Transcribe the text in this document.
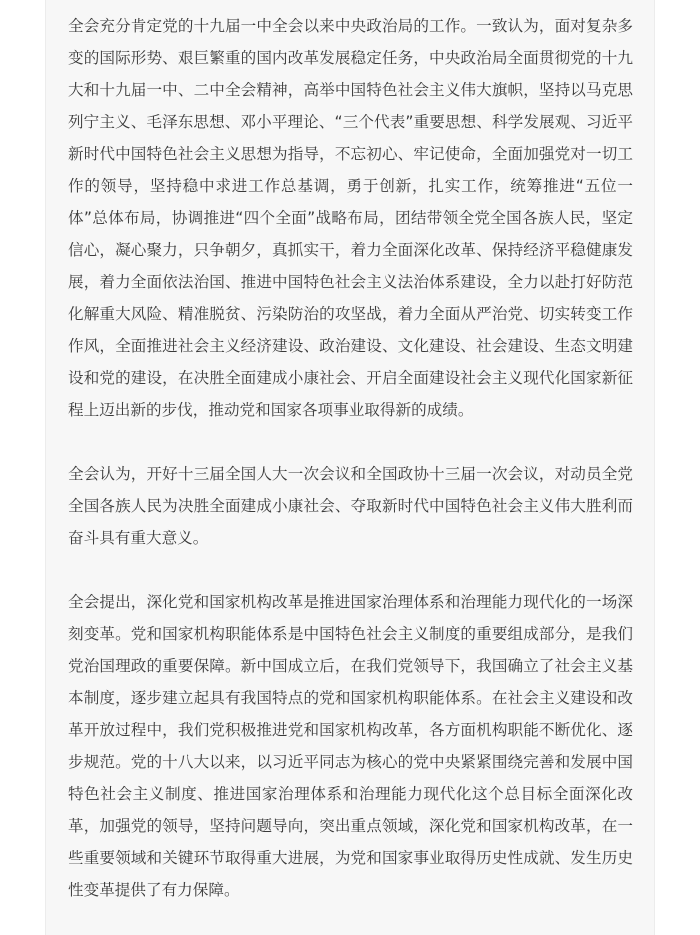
全会充分肯定党的十九届一中全会以来中央政治局的工作。一致认为，面对复杂多变的国际形势、艰巨繁重的国内改革发展稳定任务，中央政治局全面贯彻党的十九大和十九届一中、二中全会精神，高举中国特色社会主义伟大旗帜，坚持以马克思列宁主义、毛泽东思想、邓小平理论、“三个代表”重要思想、科学发展观、习近平新时代中国特色社会主义思想为指导，不忘初心、牢记使命，全面加强党对一切工作的领导，坚持稳中求进工作总基调，勇于创新，扎实工作，统筹推进“五位一体”总体布局，协调推进“四个全面”战略布局，团结带领全党全国各族人民，坚定信心，凝心聚力，只争朝夕，真抓实干，着力全面深化改革、保持经济平稳健康发展，着力全面依法治国、推进中国特色社会主义法治体系建设，全力以赴打好防范化解重大风险、精准脱贫、污染防治的攻坚战，着力全面从严治党、切实转变工作作风，全面推进社会主义经济建设、政治建设、文化建设、社会建设、生态文明建设和党的建设，在决胜全面建成小康社会、开启全面建设社会主义现代化国家新征程上迈出新的步伐，推动党和国家各项事业取得新的成绩。

全会认为，开好十三届全国人大一次会议和全国政协十三届一次会议，对动员全党全国各族人民为决胜全面建成小康社会、夺取新时代中国特色社会主义伟大胜利而奋斗具有重大意义。

全会提出，深化党和国家机构改革是推进国家治理体系和治理能力现代化的一场深刻变革。党和国家机构职能体系是中国特色社会主义制度的重要组成部分，是我们党治国理政的重要保障。新中国成立后，在我们党领导下，我国确立了社会主义基本制度，逐步建立起具有我国特点的党和国家机构职能体系。在社会主义建设和改革开放过程中，我们党积极推进党和国家机构改革，各方面机构职能不断优化、逐步规范。党的十八大以来，以习近平同志为核心的党中央紧紧围绕完善和发展中国特色社会主义制度、推进国家治理体系和治理能力现代化这个总目标全面深化改革，加强党的领导，坚持问题导向，突出重点领域，深化党和国家机构改革，在一些重要领域和关键环节取得重大进展，为党和国家事业取得历史性成就、发生历史性变革提供了有力保障。
